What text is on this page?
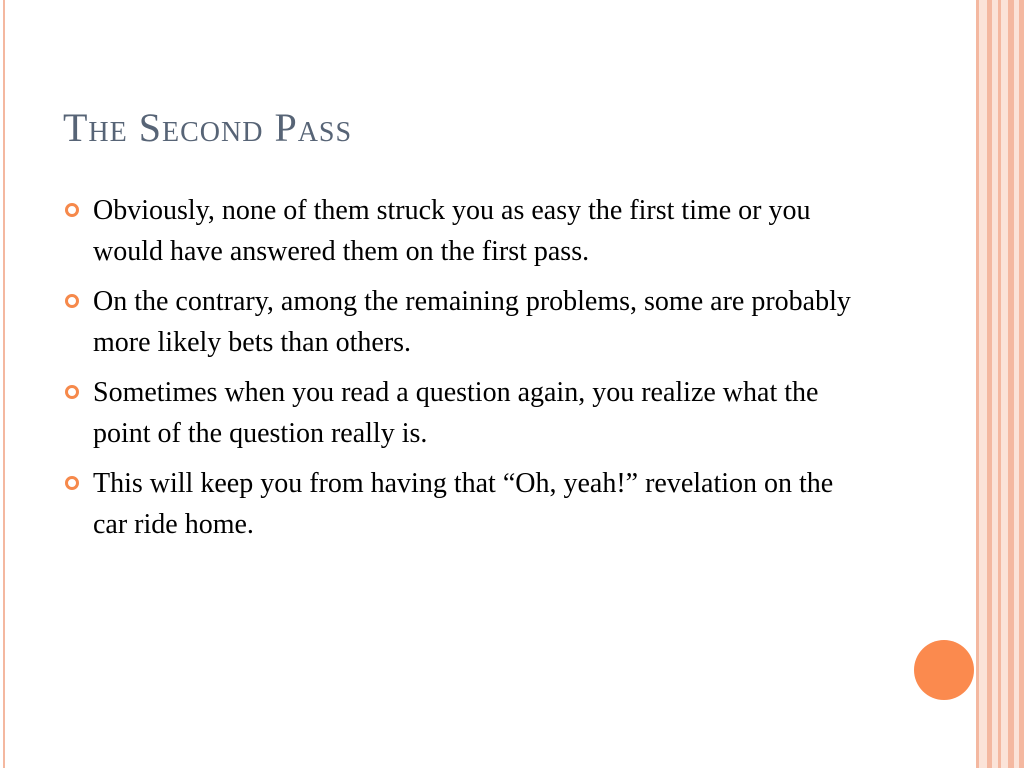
The Second Pass
Obviously, none of them struck you as easy the first time or you would have answered them on the first pass.
On the contrary, among the remaining problems, some are probably more likely bets than others.
Sometimes when you read a question again, you realize what the point of the question really is.
This will keep you from having that “Oh, yeah!” revelation on the car ride home.
